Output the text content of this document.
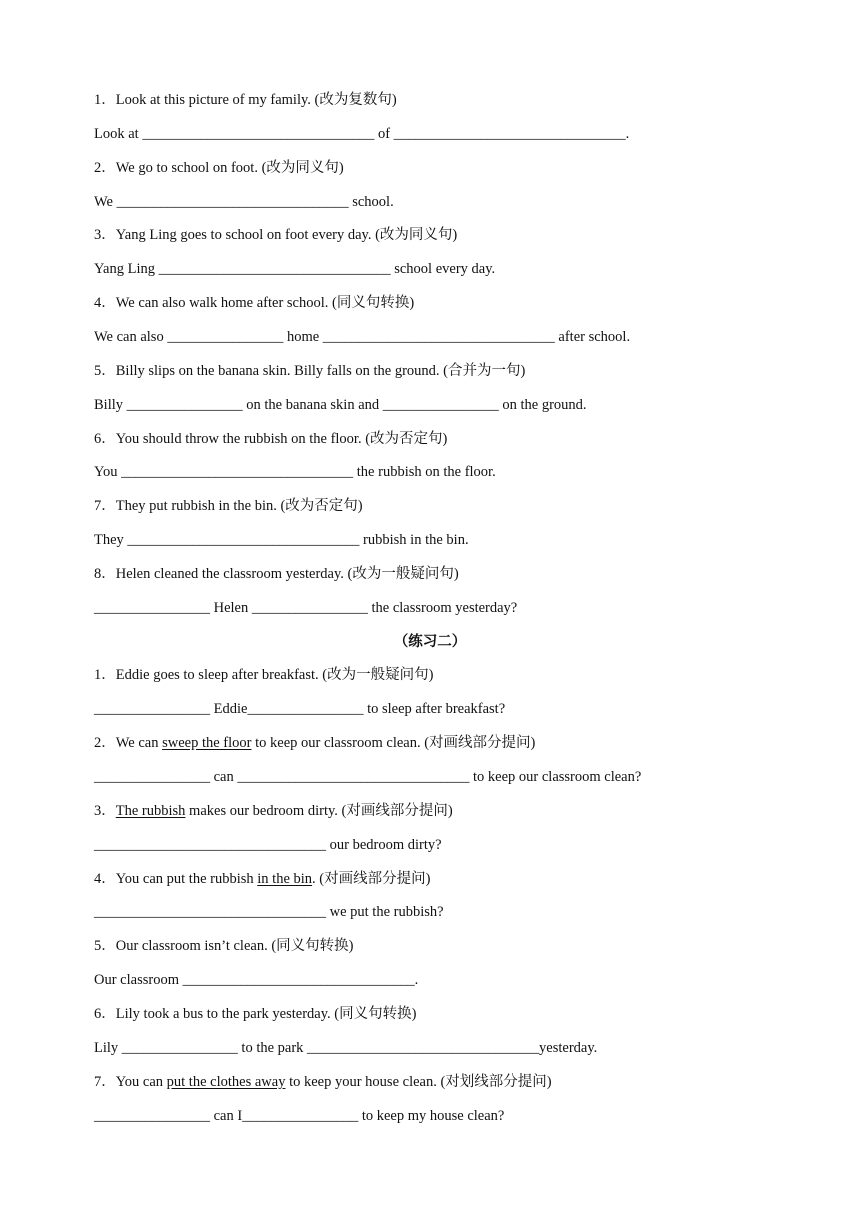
1．Look at this picture of my family. (改为复数句)
Look at ________________________________ of ________________________________.
2．We go to school on foot. (改为同义句)
We ________________________________ school.
3．Yang Ling goes to school on foot every day. (改为同义句)
Yang Ling ________________________________ school every day.
4．We can also walk home after school. (同义句转换)
We can also ________________ home ________________________________ after school.
5．Billy slips on the banana skin. Billy falls on the ground. (合并为一句)
Billy ________________ on the banana skin and ________________ on the ground.
6．You should throw the rubbish on the floor. (改为否定句)
You ________________________________ the rubbish on the floor.
7．They put rubbish in the bin. (改为否定句)
They ________________________________ rubbish in the bin.
8．Helen cleaned the classroom yesterday. (改为一般疑问句)
________________ Helen ________________ the classroom yesterday?
（练习二）
1．Eddie goes to sleep after breakfast. (改为一般疑问句)
________________ Eddie________________ to sleep after breakfast?
2．We can sweep the floor to keep our classroom clean. (对画线部分提问)
________________ can ________________________________ to keep our classroom clean?
3．The rubbish makes our bedroom dirty. (对画线部分提问)
________________________________ our bedroom dirty?
4．You can put the rubbish in the bin. (对画线部分提问)
________________________________ we put the rubbish?
5．Our classroom isn’t clean. (同义句转换)
Our classroom ________________________________.
6．Lily took a bus to the park yesterday. (同义句转换)
Lily ________________ to the park ________________________________yesterday.
7．You can put the clothes away to keep your house clean. (对划线部分提问)
________________ can I________________ to keep my house clean?
